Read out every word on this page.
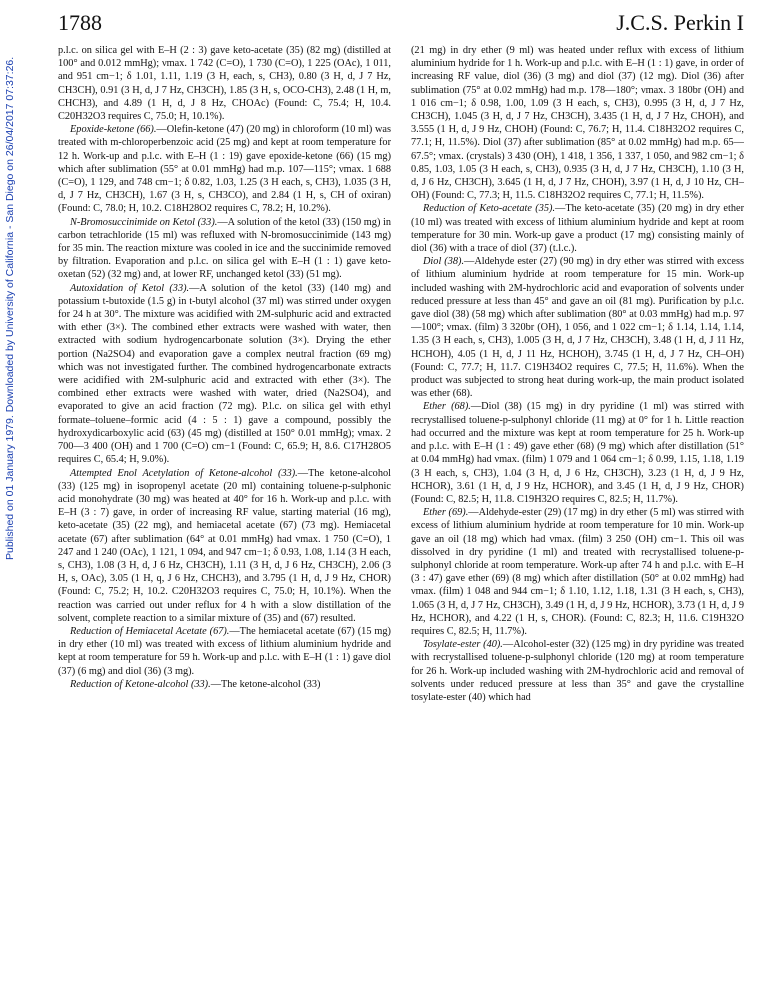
1788	J.C.S. Perkin I
Published on 01 January 1979. Downloaded by University of California - San Diego on 26/04/2017 07:37:26.

p.l.c. on silica gel with E–H (2 : 3) gave keto-acetate (35) (82 mg) (distilled at 100° and 0.012 mmHg); νmax. 1 742 (C=O), 1 730 (C=O), 1 225 (OAc), 1 011, and 951 cm−1; δ 1.01, 1.11, 1.19 (3 H, each, s, CH3), 0.80 (3 H, d, J 7 Hz, CH3CH), 0.91 (3 H, d, J 7 Hz, CH3CH), 1.85 (3 H, s, OCO-CH3), 2.48 (1 H, m, CHCH3), and 4.89 (1 H, d, J 8 Hz, CHOAc) (Found: C, 75.4; H, 10.4. C20H32O3 requires C, 75.0; H, 10.1%).

Epoxide-ketone (66).—Olefin-ketone (47) (20 mg) in chloroform (10 ml) was treated with m-chloroperbenzoic acid (25 mg) and kept at room temperature for 12 h. Work-up and p.l.c. with E–H (1 : 19) gave epoxide-ketone (66) (15 mg) which after sublimation (55° at 0.01 mmHg) had m.p. 107—115°; νmax. 1 688 (C=O), 1 129, and 748 cm−1; δ 0.82, 1.03, 1.25 (3 H each, s, CH3), 1.035 (3 H, d, J 7 Hz, CH3CH), 1.67 (3 H, s, CH3CO), and 2.84 (1 H, s, CH of oxiran) (Found: C, 78.0; H, 10.2. C18H28O2 requires C, 78.2; H, 10.2%).

N-Bromosuccinimide on Ketol (33).—A solution of the ketol (33) (150 mg) in carbon tetrachloride (15 ml) was refluxed with N-bromosuccinimide (143 mg) for 35 min. The reaction mixture was cooled in ice and the succinimide removed by filtration. Evaporation and p.l.c. on silica gel with E–H (1 : 1) gave keto-oxetan (52) (32 mg) and, at lower RF, unchanged ketol (33) (51 mg).

Autoxidation of Ketol (33).—A solution of the ketol (33) (140 mg) and potassium t-butoxide (1.5 g) in t-butyl alcohol (37 ml) was stirred under oxygen for 24 h at 30°. The mixture was acidified with 2M-sulphuric acid and extracted with ether (3×). The combined ether extracts were washed with water, then extracted with sodium hydrogencarbonate solution (3×). Drying the ether portion (Na2SO4) and evaporation gave a complex neutral fraction (69 mg) which was not investigated further. The combined hydrogencarbonate extracts were acidified with 2M-sulphuric acid and extracted with ether (3×). The combined ether extracts were washed with water, dried (Na2SO4), and evaporated to give an acid fraction (72 mg). P.l.c. on silica gel with ethyl formate–toluene–formic acid (4 : 5 : 1) gave a compound, possibly the hydroxydicarboxylic acid (63) (45 mg) (distilled at 150° 0.01 mmHg); νmax. 2 700—3 400 (OH) and 1 700 (C=O) cm−1 (Found: C, 65.9; H, 8.6. C17H28O5 requires C, 65.4; H, 9.0%).

Attempted Enol Acetylation of Ketone-alcohol (33).—The ketone-alcohol (33) (125 mg) in isopropenyl acetate (20 ml) containing toluene-p-sulphonic acid monohydrate (30 mg) was heated at 40° for 16 h. Work-up and p.l.c. with E–H (3 : 7) gave, in order of increasing RF value, starting material (16 mg), keto-acetate (35) (22 mg), and hemiacetal acetate (67) (73 mg). Hemiacetal acetate (67) after sublimation (64° at 0.01 mmHg) had νmax. 1 750 (C=O), 1 247 and 1 240 (OAc), 1 121, 1 094, and 947 cm−1; δ 0.93, 1.08, 1.14 (3 H each, s, CH3), 1.08 (3 H, d, J 6 Hz, CH3CH), 1.11 (3 H, d, J 6 Hz, CH3CH), 2.06 (3 H, s, OAc), 3.05 (1 H, q, J 6 Hz, CHCH3), and 3.795 (1 H, d, J 9 Hz, CHOR) (Found: C, 75.2; H, 10.2. C20H32O3 requires C, 75.0; H, 10.1%). When the reaction was carried out under reflux for 4 h with a slow distillation of the solvent, complete reaction to a similar mixture of (35) and (67) resulted.

Reduction of Hemiacetal Acetate (67).—The hemiacetal acetate (67) (15 mg) in dry ether (10 ml) was treated with excess of lithium aluminium hydride and kept at room temperature for 59 h. Work-up and p.l.c. with E–H (1 : 1) gave diol (37) (6 mg) and diol (36) (3 mg).

Reduction of Ketone-alcohol (33).—The ketone-alcohol (33)

(21 mg) in dry ether (9 ml) was heated under reflux with excess of lithium aluminium hydride for 1 h. Work-up and p.l.c. with E–H (1 : 1) gave, in order of increasing RF value, diol (36) (3 mg) and diol (37) (12 mg). Diol (36) after sublimation (75° at 0.02 mmHg) had m.p. 178—180°; νmax. 3 180br (OH) and 1 016 cm−1; δ 0.98, 1.00, 1.09 (3 H each, s, CH3), 0.995 (3 H, d, J 7 Hz, CH3CH), 1.045 (3 H, d, J 7 Hz, CH3CH), 3.435 (1 H, d, J 7 Hz, CHOH), and 3.555 (1 H, d, J 9 Hz, CHOH) (Found: C, 76.7; H, 11.4. C18H32O2 requires C, 77.1; H, 11.5%). Diol (37) after sublimation (85° at 0.02 mmHg) had m.p. 65—67.5°; νmax. (crystals) 3 430 (OH), 1 418, 1 356, 1 337, 1 050, and 982 cm−1; δ 0.85, 1.03, 1.05 (3 H each, s, CH3), 0.935 (3 H, d, J 7 Hz, CH3CH), 1.10 (3 H, d, J 6 Hz, CH3CH), 3.645 (1 H, d, J 7 Hz, CHOH), 3.97 (1 H, d, J 10 Hz, CH–OH) (Found: C, 77.3; H, 11.5. C18H32O2 requires C, 77.1; H, 11.5%).

Reduction of Keto-acetate (35).—The keto-acetate (35) (20 mg) in dry ether (10 ml) was treated with excess of lithium aluminium hydride and kept at room temperature for 30 min. Work-up gave a product (17 mg) consisting mainly of diol (36) with a trace of diol (37) (t.l.c.).

Diol (38).—Aldehyde ester (27) (90 mg) in dry ether was stirred with excess of lithium aluminium hydride at room temperature for 15 min. Work-up included washing with 2M-hydrochloric acid and evaporation of solvents under reduced pressure at less than 45° and gave an oil (81 mg). Purification by p.l.c. gave diol (38) (58 mg) which after sublimation (80° at 0.03 mmHg) had m.p. 97—100°; νmax. (film) 3 320br (OH), 1 056, and 1 022 cm−1; δ 1.14, 1.14, 1.14, 1.35 (3 H each, s, CH3), 1.005 (3 H, d, J 7 Hz, CH3CH), 3.48 (1 H, d, J 11 Hz, HCHOH), 4.05 (1 H, d, J 11 Hz, HCHOH), 3.745 (1 H, d, J 7 Hz, CH–OH) (Found: C, 77.7; H, 11.7. C19H34O2 requires C, 77.5; H, 11.6%). When the product was subjected to strong heat during work-up, the main product isolated was ether (68).

Ether (68).—Diol (38) (15 mg) in dry pyridine (1 ml) was stirred with recrystallised toluene-p-sulphonyl chloride (11 mg) at 0° for 1 h. Little reaction had occurred and the mixture was kept at room temperature for 25 h. Work-up and p.l.c. with E–H (1 : 49) gave ether (68) (9 mg) which after distillation (51° at 0.04 mmHg) had νmax. (film) 1 079 and 1 064 cm−1; δ 0.99, 1.15, 1.18, 1.19 (3 H each, s, CH3), 1.04 (3 H, d, J 6 Hz, CH3CH), 3.23 (1 H, d, J 9 Hz, HCHOR), 3.61 (1 H, d, J 9 Hz, HCHOR), and 3.45 (1 H, d, J 9 Hz, CHOR) (Found: C, 82.5; H, 11.8. C19H32O requires C, 82.5; H, 11.7%).

Ether (69).—Aldehyde-ester (29) (17 mg) in dry ether (5 ml) was stirred with excess of lithium aluminium hydride at room temperature for 10 min. Work-up gave an oil (18 mg) which had νmax. (film) 3 250 (OH) cm−1. This oil was dissolved in dry pyridine (1 ml) and treated with recrystallised toluene-p-sulphonyl chloride at room temperature. Work-up after 74 h and p.l.c. with E–H (3 : 47) gave ether (69) (8 mg) which after distillation (50° at 0.02 mmHg) had νmax. (film) 1 048 and 944 cm−1; δ 1.10, 1.12, 1.18, 1.31 (3 H each, s, CH3), 1.065 (3 H, d, J 7 Hz, CH3CH), 3.49 (1 H, d, J 9 Hz, HCHOR), 3.73 (1 H, d, J 9 Hz, HCHOR), and 4.22 (1 H, s, CHOR). (Found: C, 82.3; H, 11.6. C19H32O requires C, 82.5; H, 11.7%).

Tosylate-ester (40).—Alcohol-ester (32) (125 mg) in dry pyridine was treated with recrystallised toluene-p-sulphonyl chloride (120 mg) at room temperature for 26 h. Work-up included washing with 2M-hydrochloric acid and removal of solvents under reduced pressure at less than 35° and gave the crystalline tosylate-ester (40) which had
